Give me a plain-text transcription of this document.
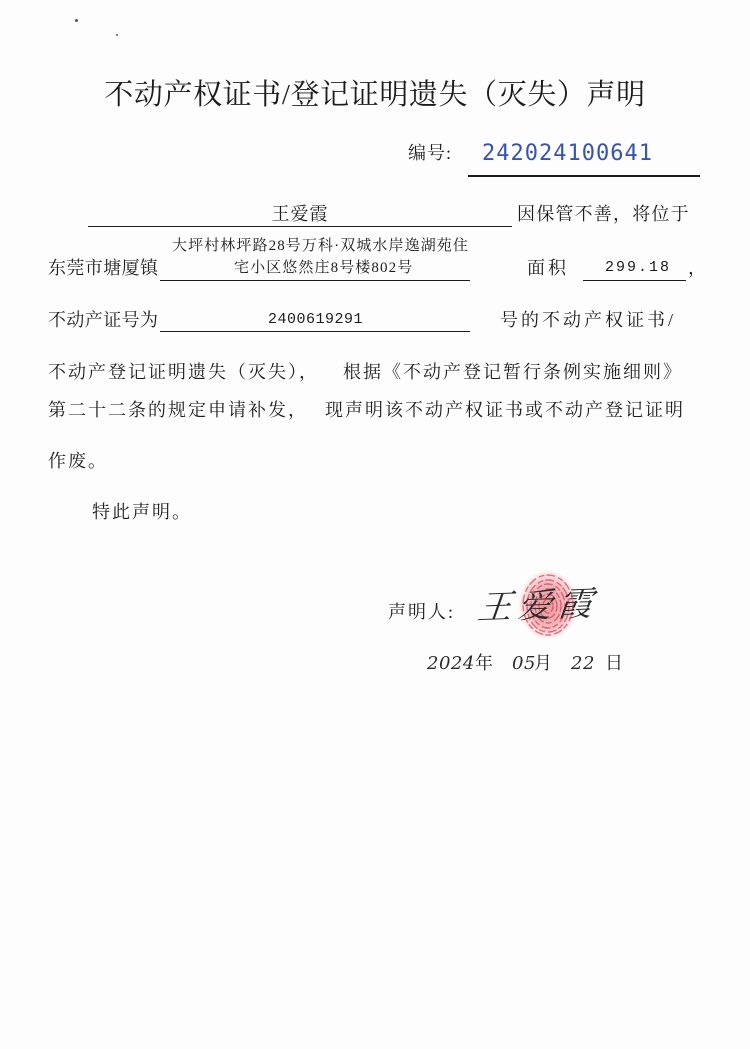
不动产权证书/登记证明遗失（灭失）声明
编号: 242024100641
王爱霞	因保管不善，将位于
东莞市塘厦镇
大坪村林坪路28号万科·双城水岸逸湖苑住
宅小区悠然庄8号楼802号	面积 299.18 ，
不动产证号为	2400619291	号的不动产权证书/
不动产登记证明遗失（灭失）， 根据《不动产登记暂行条例实施细则》
第二十二条的规定申请补发， 现声明该不动产权证书或不动产登记证明
作废。
特此声明。
声明人: 王爱霞
2024 年 05
月 22 日
